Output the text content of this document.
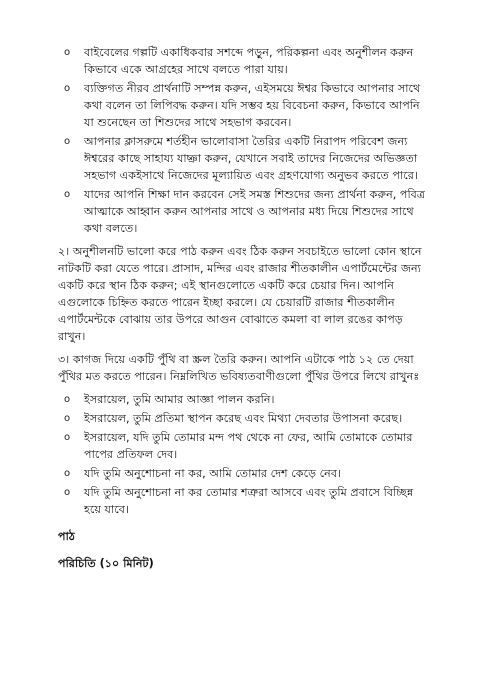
o বাইবেলের গল্পটি একাধিকবার সশব্দে পড়ুন, পরিকল্পনা এবং অনুশীলন করুন কিভাবে একে আগ্রহের সাথে বলতে পারা যায়।
o ব্যক্তিগত নীরব প্রার্থনাটি সম্পন্ন করুন, এইসময়ে ঈশ্বর কিভাবে আপনার সাথে কথা বলেন তা লিপিবদ্ধ করুন। যদি সম্ভব হয় বিবেচনা করুন, কিভাবে আপনি যা শুনেছেন তা শিশুদের সাথে সহভাগ করবেন।
o আপনার ক্লাসরুমে শর্তহীন ভালোবাসা তৈরির একটি নিরাপদ পরিবেশ জন্য ঈশ্বরের কাছে সাহায্য যাচ্ঞা করুন, যেখানে সবাই তাদের নিজেদের অভিজ্ঞতা সহভাগ একইসাথে নিজেদের মূল্যায়িত এবং গ্রহণযোগ্য অনুভব করতে পারে।
o যাদের আপনি শিক্ষা দান করবেন সেই সমস্ত শিশুদের জন্য প্রার্থনা করুন, পবিত্র আত্মাকে আহ্বান করুন আপনার সাথে ও আপনার মধ্য দিয়ে শিশুদের সাথে কথা বলতে।

২। অনুশীলনটি ভালো করে পাঠ করুন এবং ঠিক করুন সবচাইতে ভালো কোন স্থানে নাটকটি করা যেতে পারে। প্রাসাদ, মন্দির এবং রাজার শীতকালীন এপার্টমেন্টের জন্য একটি করে স্থান ঠিক করুন; এই স্থানগুলোতে একটি করে চেয়ার দিন। আপনি এগুলোকে চিহ্নিত করতে পারেন ইচ্ছা করলে। যে চেয়ারটি রাজার শীতকালীন এপার্টমেন্টকে বোঝায় তার উপরে আগুন বোঝাতে কমলা বা লাল রঙের কাপড় রাখুন।

৩। কাগজ দিয়ে একটি পুঁথি বা স্ক্রল তৈরি করুন। আপনি এটাকে পাঠ ১২ তে দেয়া পুঁথির মত করতে পারেন। নিম্নলিখিত ভবিষ্যতবাণীগুলো পুঁথির উপরে লিখে রাখুনঃ

o ইসরায়েল, তুমি আমার আজ্ঞা পালন করনি।
o ইসরায়েল, তুমি প্রতিমা স্থাপন করেছ এবং মিথ্যা দেবতার উপাসনা করেছ।
o ইসরায়েল, যদি তুমি তোমার মন্দ পথ থেকে না ফের, আমি তোমাকে তোমার পাপের প্রতিফল দেব।
o যদি তুমি অনুশোচনা না কর, আমি তোমার দেশ কেড়ে নেব।
o যদি তুমি অনুশোচনা না কর তোমার শত্রুরা আসবে এবং তুমি প্রবাসে বিচ্ছিন্ন হয়ে যাবে।
পাঠ
পরিচিতি (১০ মিনিট)
